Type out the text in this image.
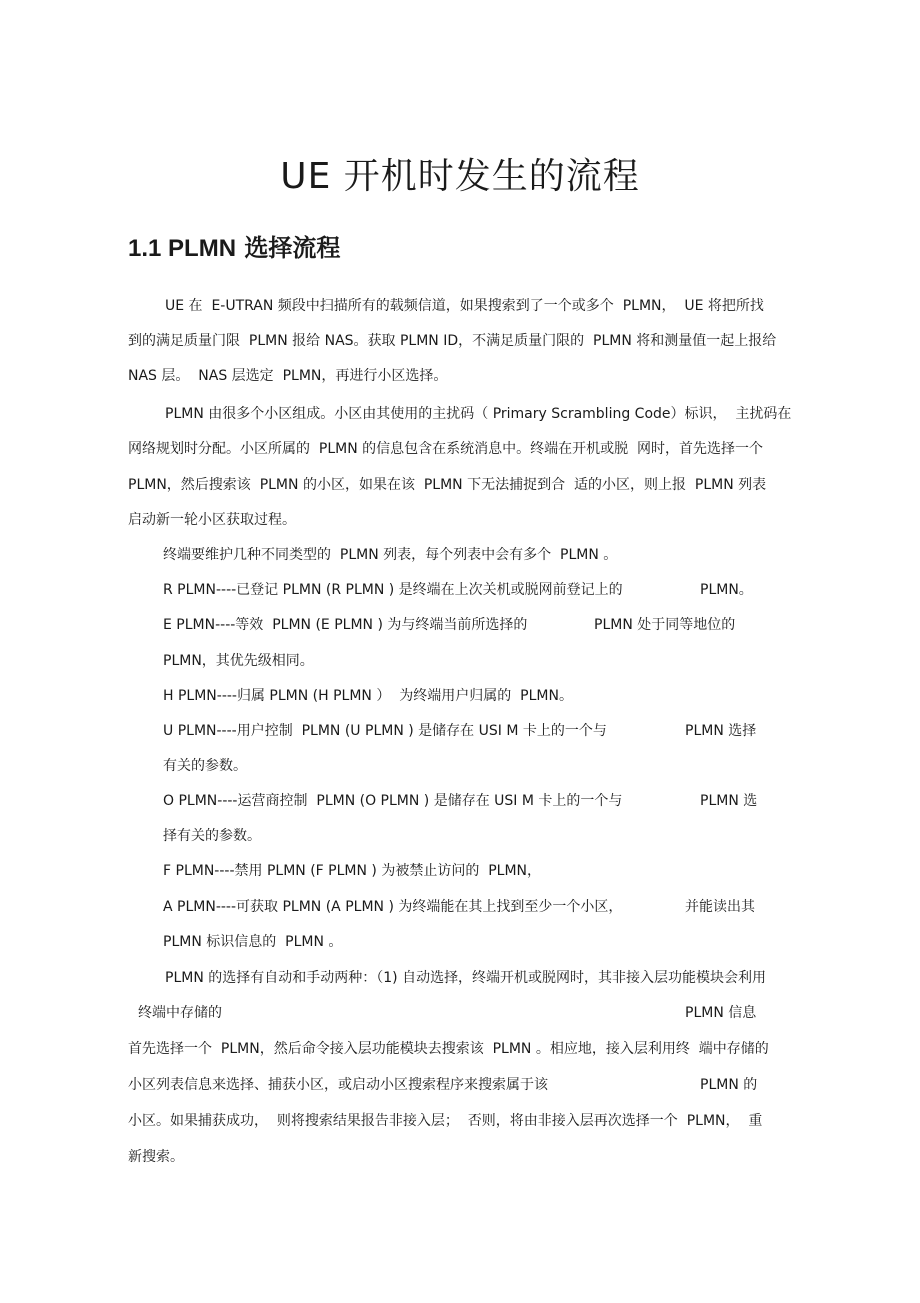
UE 开机时发生的流程
1.1 PLMN 选择流程

UE 在  E-UTRAN 频段中扫描所有的载频信道，如果搜索到了一个或多个  PLMN，  UE 将把所找

到的满足质量门限  PLMN 报给 NAS。获取 PLMN ID，不满足质量门限的  PLMN 将和测量值一起上报给

NAS 层。  NAS 层选定  PLMN，再进行小区选择。

PLMN 由很多个小区组成。小区由其使用的主扰码（ Primary Scrambling Code）标识，  主扰码在

网络规划时分配。小区所属的  PLMN 的信息包含在系统消息中。终端在开机或脱  网时，首先选择一个

PLMN，然后搜索该  PLMN 的小区，如果在该  PLMN 下无法捕捉到合  适的小区，则上报  PLMN 列表

启动新一轮小区获取过程。

终端要维护几种不同类型的  PLMN 列表，每个列表中会有多个  PLMN 。

R PLMN----已登记 PLMN (R PLMN ) 是终端在上次关机或脱网前登记上的	PLMN。

E PLMN----等效  PLMN (E PLMN ) 为与终端当前所选择的	PLMN 处于同等地位的

PLMN，其优先级相同。

H PLMN----归属 PLMN (H PLMN ）  为终端用户归属的  PLMN。

U PLMN----用户控制  PLMN (U PLMN ) 是储存在 USI M 卡上的一个与	PLMN 选择

有关的参数。

O PLMN----运营商控制  PLMN (O PLMN ) 是储存在 USI M 卡上的一个与	PLMN 选

择有关的参数。

F PLMN----禁用 PLMN (F PLMN ) 为被禁止访问的  PLMN，

A PLMN----可获取 PLMN (A PLMN ) 为终端能在其上找到至少一个小区，	并能读出其

PLMN 标识信息的  PLMN 。

PLMN 的选择有自动和手动两种：（1) 自动选择，终端开机或脱网时，其非接入层功能模块会利用

终端中存储的	PLMN 信息

首先选择一个  PLMN，然后命令接入层功能模块去搜索该  PLMN 。相应地，接入层利用终  端中存储的

小区列表信息来选择、捕获小区，或启动小区搜索程序来搜索属于该	PLMN 的

小区。如果捕获成功，  则将搜索结果报告非接入层；  否则，将由非接入层再次选择一个  PLMN，  重

新搜索。
